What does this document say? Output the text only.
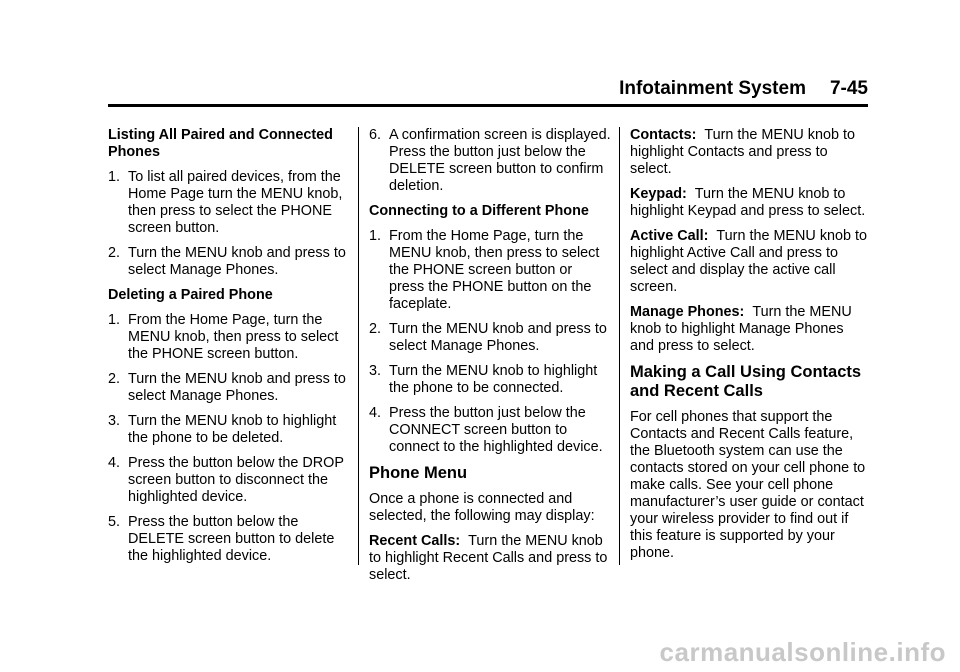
Infotainment System 7-45
Listing All Paired and Connected Phones
1. To list all paired devices, from the Home Page turn the MENU knob, then press to select the PHONE screen button.
2. Turn the MENU knob and press to select Manage Phones.
Deleting a Paired Phone
1. From the Home Page, turn the MENU knob, then press to select the PHONE screen button.
2. Turn the MENU knob and press to select Manage Phones.
3. Turn the MENU knob to highlight the phone to be deleted.
4. Press the button below the DROP screen button to disconnect the highlighted device.
5. Press the button below the DELETE screen button to delete the highlighted device.
6. A confirmation screen is displayed. Press the button just below the DELETE screen button to confirm deletion.
Connecting to a Different Phone
1. From the Home Page, turn the MENU knob, then press to select the PHONE screen button or press the PHONE button on the faceplate.
2. Turn the MENU knob and press to select Manage Phones.
3. Turn the MENU knob to highlight the phone to be connected.
4. Press the button just below the CONNECT screen button to connect to the highlighted device.
Phone Menu
Once a phone is connected and selected, the following may display:
Recent Calls: Turn the MENU knob to highlight Recent Calls and press to select.
Contacts: Turn the MENU knob to highlight Contacts and press to select.
Keypad: Turn the MENU knob to highlight Keypad and press to select.
Active Call: Turn the MENU knob to highlight Active Call and press to select and display the active call screen.
Manage Phones: Turn the MENU knob to highlight Manage Phones and press to select.
Making a Call Using Contacts and Recent Calls
For cell phones that support the Contacts and Recent Calls feature, the Bluetooth system can use the contacts stored on your cell phone to make calls. See your cell phone manufacturer’s user guide or contact your wireless provider to find out if this feature is supported by your phone.
carmanualsonline.info
